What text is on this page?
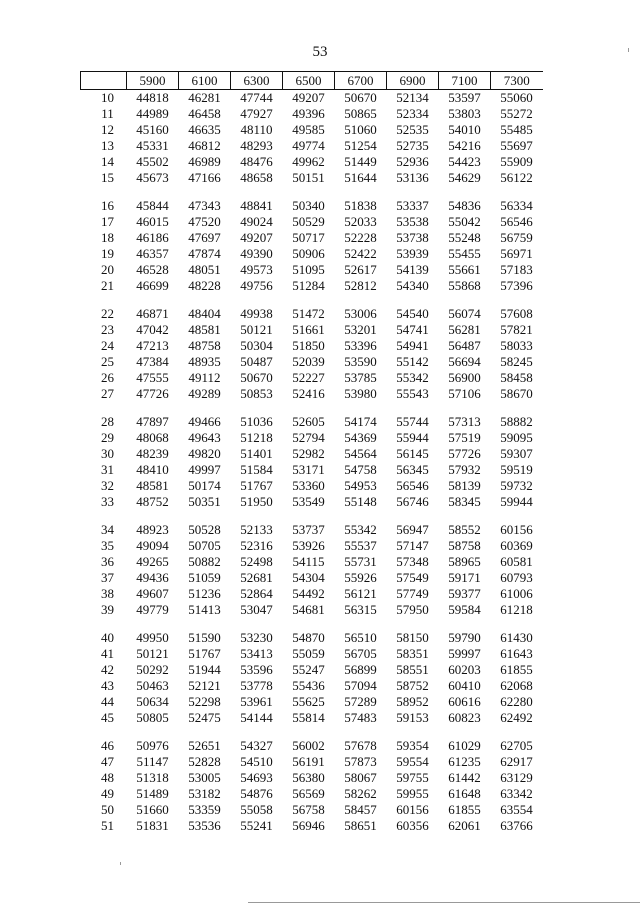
53
	5900	6100	6300	6500	6700	6900	7100	7300
10	44818	46281	47744	49207	50670	52134	53597	55060
11	44989	46458	47927	49396	50865	52334	53803	55272
12	45160	46635	48110	49585	51060	52535	54010	55485
13	45331	46812	48293	49774	51254	52735	54216	55697
14	45502	46989	48476	49962	51449	52936	54423	55909
15	45673	47166	48658	50151	51644	53136	54629	56122
16	45844	47343	48841	50340	51838	53337	54836	56334
17	46015	47520	49024	50529	52033	53538	55042	56546
18	46186	47697	49207	50717	52228	53738	55248	56759
19	46357	47874	49390	50906	52422	53939	55455	56971
20	46528	48051	49573	51095	52617	54139	55661	57183
21	46699	48228	49756	51284	52812	54340	55868	57396
22	46871	48404	49938	51472	53006	54540	56074	57608
23	47042	48581	50121	51661	53201	54741	56281	57821
24	47213	48758	50304	51850	53396	54941	56487	58033
25	47384	48935	50487	52039	53590	55142	56694	58245
26	47555	49112	50670	52227	53785	55342	56900	58458
27	47726	49289	50853	52416	53980	55543	57106	58670
28	47897	49466	51036	52605	54174	55744	57313	58882
29	48068	49643	51218	52794	54369	55944	57519	59095
30	48239	49820	51401	52982	54564	56145	57726	59307
31	48410	49997	51584	53171	54758	56345	57932	59519
32	48581	50174	51767	53360	54953	56546	58139	59732
33	48752	50351	51950	53549	55148	56746	58345	59944
34	48923	50528	52133	53737	55342	56947	58552	60156
35	49094	50705	52316	53926	55537	57147	58758	60369
36	49265	50882	52498	54115	55731	57348	58965	60581
37	49436	51059	52681	54304	55926	57549	59171	60793
38	49607	51236	52864	54492	56121	57749	59377	61006
39	49779	51413	53047	54681	56315	57950	59584	61218
40	49950	51590	53230	54870	56510	58150	59790	61430
41	50121	51767	53413	55059	56705	58351	59997	61643
42	50292	51944	53596	55247	56899	58551	60203	61855
43	50463	52121	53778	55436	57094	58752	60410	62068
44	50634	52298	53961	55625	57289	58952	60616	62280
45	50805	52475	54144	55814	57483	59153	60823	62492
46	50976	52651	54327	56002	57678	59354	61029	62705
47	51147	52828	54510	56191	57873	59554	61235	62917
48	51318	53005	54693	56380	58067	59755	61442	63129
49	51489	53182	54876	56569	58262	59955	61648	63342
50	51660	53359	55058	56758	58457	60156	61855	63554
51	51831	53536	55241	56946	58651	60356	62061	63766
